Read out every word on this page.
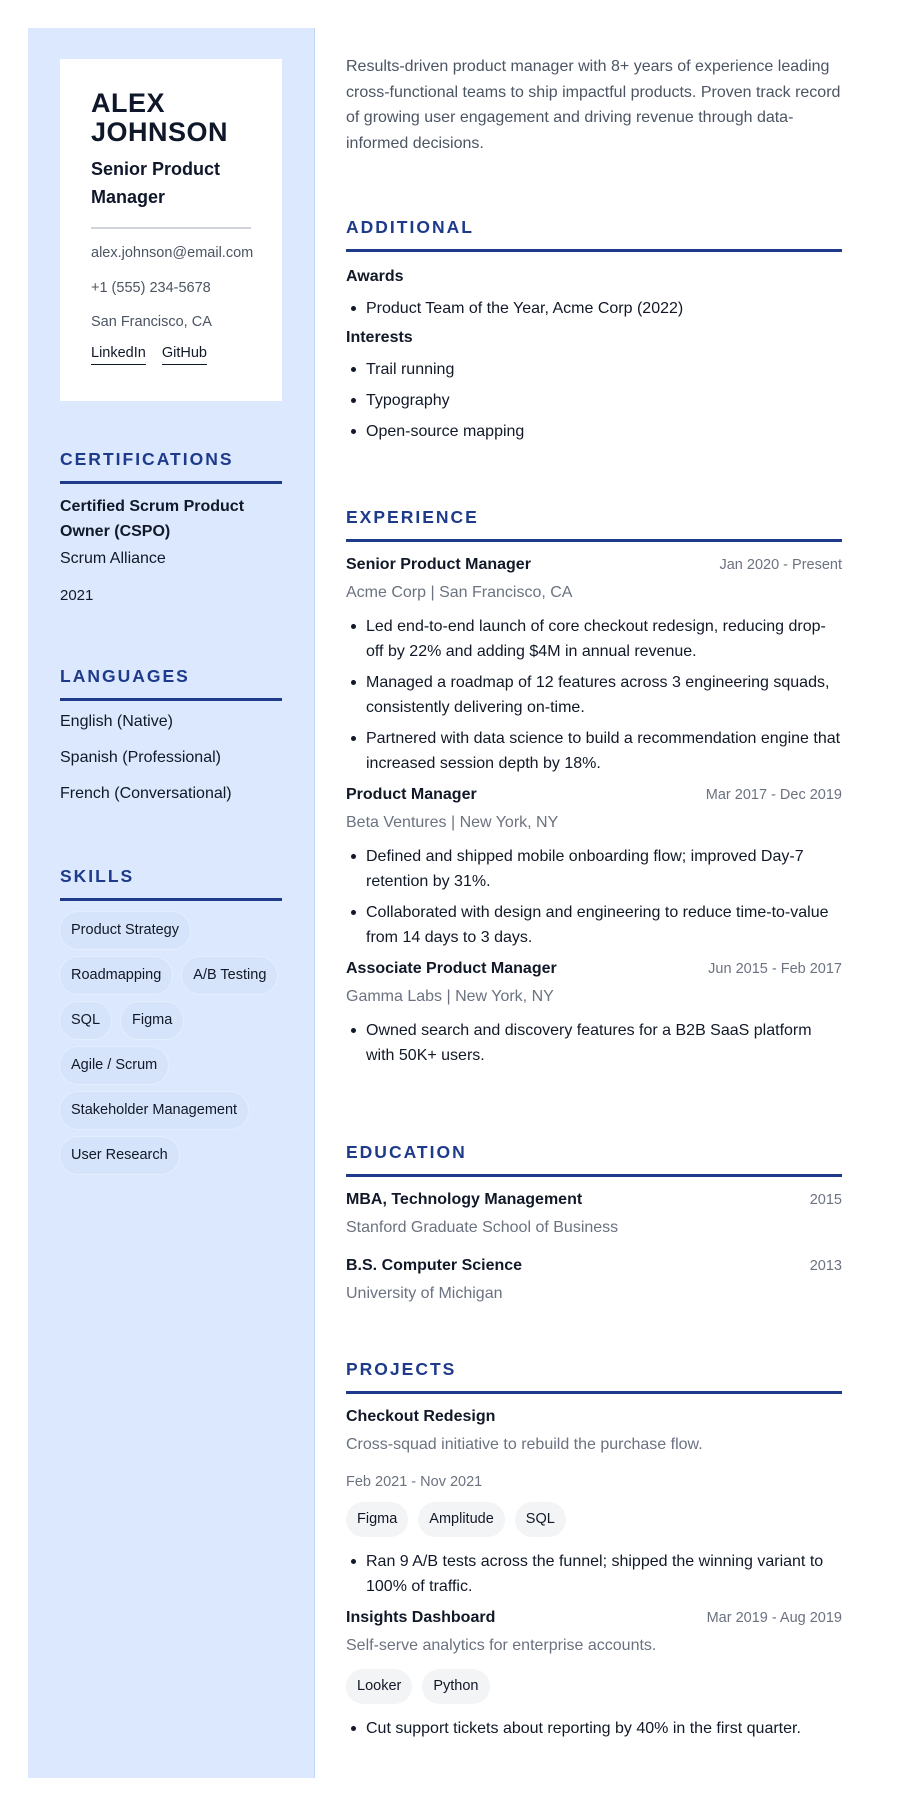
ALEX JOHNSON
Senior Product Manager
alex.johnson@email.com
+1 (555) 234-5678
San Francisco, CA
LinkedIn GitHub
CERTIFICATIONS
Certified Scrum Product Owner (CSPO)
Scrum Alliance
2021
LANGUAGES
English (Native)
Spanish (Professional)
French (Conversational)
SKILLS
Product Strategy
Roadmapping	A/B Testing
SQL	Figma
Agile / Scrum
Stakeholder Management
User Research

Results-driven product manager with 8+ years of experience leading cross-functional teams to ship impactful products. Proven track record of growing user engagement and driving revenue through data-informed decisions.

ADDITIONAL
Awards
Product Team of the Year, Acme Corp (2022)
Interests
Trail running
Typography
Open-source mapping
EXPERIENCE
Senior Product Manager	Jan 2020 - Present
Acme Corp | San Francisco, CA
Led end-to-end launch of core checkout redesign, reducing drop-off by 22% and adding $4M in annual revenue.
Managed a roadmap of 12 features across 3 engineering squads, consistently delivering on-time.
Partnered with data science to build a recommendation engine that increased session depth by 18%.
Product Manager	Mar 2017 - Dec 2019
Beta Ventures | New York, NY
Defined and shipped mobile onboarding flow; improved Day-7 retention by 31%.
Collaborated with design and engineering to reduce time-to-value from 14 days to 3 days.
Associate Product Manager	Jun 2015 - Feb 2017
Gamma Labs | New York, NY
Owned search and discovery features for a B2B SaaS platform with 50K+ users.
EDUCATION
MBA, Technology Management	2015
Stanford Graduate School of Business
B.S. Computer Science	2013
University of Michigan
PROJECTS
Checkout Redesign
Cross-squad initiative to rebuild the purchase flow.
Feb 2021 - Nov 2021
Figma	Amplitude	SQL
Ran 9 A/B tests across the funnel; shipped the winning variant to 100% of traffic.
Insights Dashboard	Mar 2019 - Aug 2019
Self-serve analytics for enterprise accounts.
Looker	Python
Cut support tickets about reporting by 40% in the first quarter.
